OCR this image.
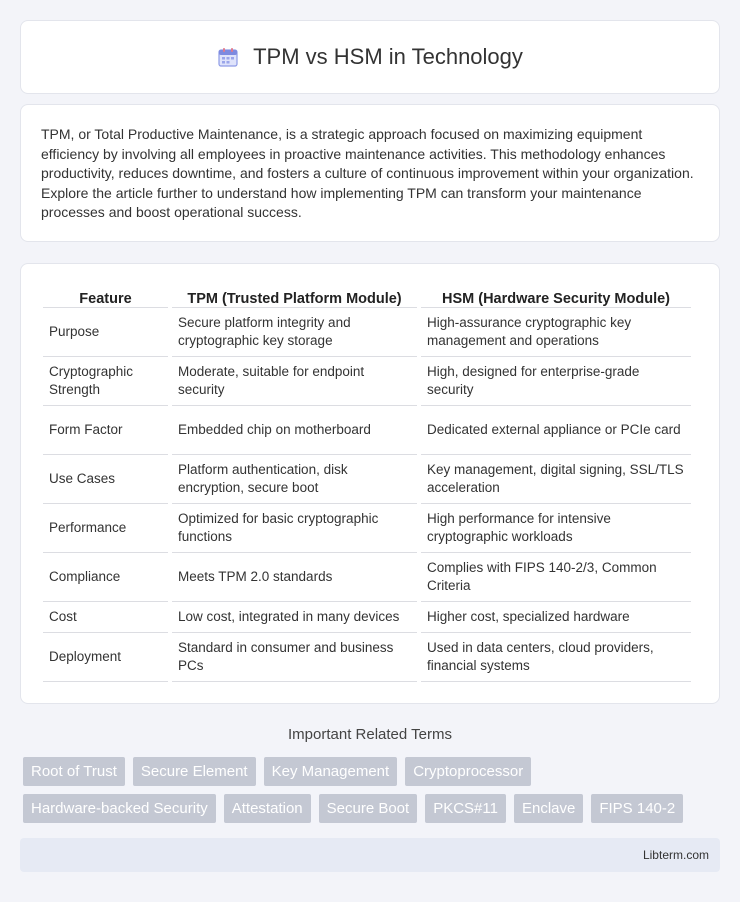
TPM vs HSM in Technology

TPM, or Total Productive Maintenance, is a strategic approach focused on maximizing equipment efficiency by involving all employees in proactive maintenance activities. This methodology enhances productivity, reduces downtime, and fosters a culture of continuous improvement within your organization. Explore the article further to understand how implementing TPM can transform your maintenance processes and boost operational success.

Feature	TPM (Trusted Platform Module)	HSM (Hardware Security Module)
Purpose	Secure platform integrity and cryptographic key storage	High-assurance cryptographic key management and operations
Cryptographic Strength	Moderate, suitable for endpoint security	High, designed for enterprise-grade security
Form Factor	Embedded chip on motherboard	Dedicated external appliance or PCIe card
Use Cases	Platform authentication, disk encryption, secure boot	Key management, digital signing, SSL/TLS acceleration
Performance	Optimized for basic cryptographic functions	High performance for intensive cryptographic workloads
Compliance	Meets TPM 2.0 standards	Complies with FIPS 140-2/3, Common Criteria
Cost	Low cost, integrated in many devices	Higher cost, specialized hardware
Deployment	Standard in consumer and business PCs	Used in data centers, cloud providers, financial systems
Important Related Terms
Root of Trust	Secure Element	Key Management	Cryptoprocessor
Hardware-backed Security	Attestation	Secure Boot	PKCS#11	Enclave	FIPS 140-2
Libterm.com
